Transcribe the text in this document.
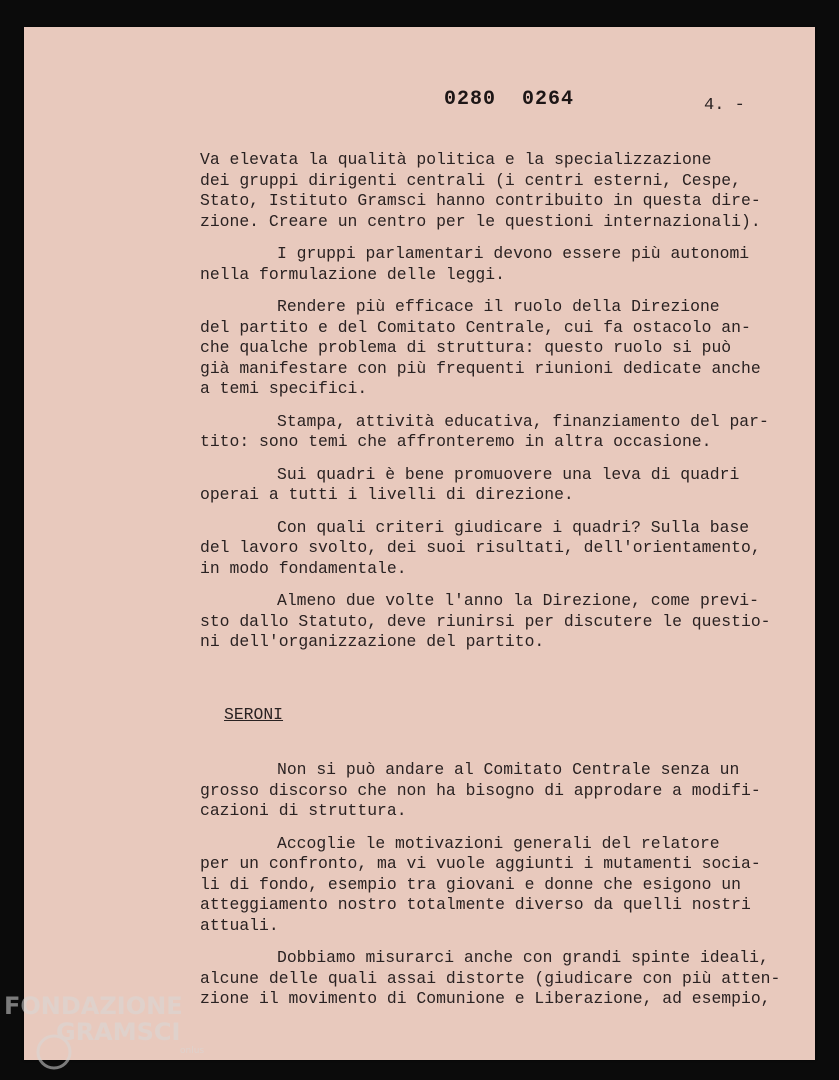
0280 0264	4. -

Va elevata la qualità politica e la specializzazione
dei gruppi dirigenti centrali (i centri esterni, Cespe,
Stato, Istituto Gramsci hanno contribuito in questa dire-
zione. Creare un centro per le questioni internazionali).

I gruppi parlamentari devono essere più autonomi
nella formulazione delle leggi.

Rendere più efficace il ruolo della Direzione
del partito e del Comitato Centrale, cui fa ostacolo an-
che qualche problema di struttura: questo ruolo si può
già manifestare con più frequenti riunioni dedicate anche
a temi specifici.

Stampa, attività educativa, finanziamento del par-
tito: sono temi che affronteremo in altra occasione.

Sui quadri è bene promuovere una leva di quadri
operai a tutti i livelli di direzione.

Con quali criteri giudicare i quadri? Sulla base
del lavoro svolto, dei suoi risultati, dell'orientamento,
in modo fondamentale.

Almeno due volte l'anno la Direzione, come previ-
sto dallo Statuto, deve riunirsi per discutere le questio-
ni dell'organizzazione del partito.

SERONI

Non si può andare al Comitato Centrale senza un
grosso discorso che non ha bisogno di approdare a modifi-
cazioni di struttura.

Accoglie le motivazioni generali del relatore
per un confronto, ma vi vuole aggiunti i mutamenti socia-
li di fondo, esempio tra giovani e donne che esigono un
atteggiamento nostro totalmente diverso da quelli nostri
attuali.

Dobbiamo misurarci anche con grandi spinte ideali,
alcune delle quali assai distorte (giudicare con più atten-
zione il movimento di Comunione e Liberazione, ad esempio,

FONDAZIONE
GRAMSCI
onlus
